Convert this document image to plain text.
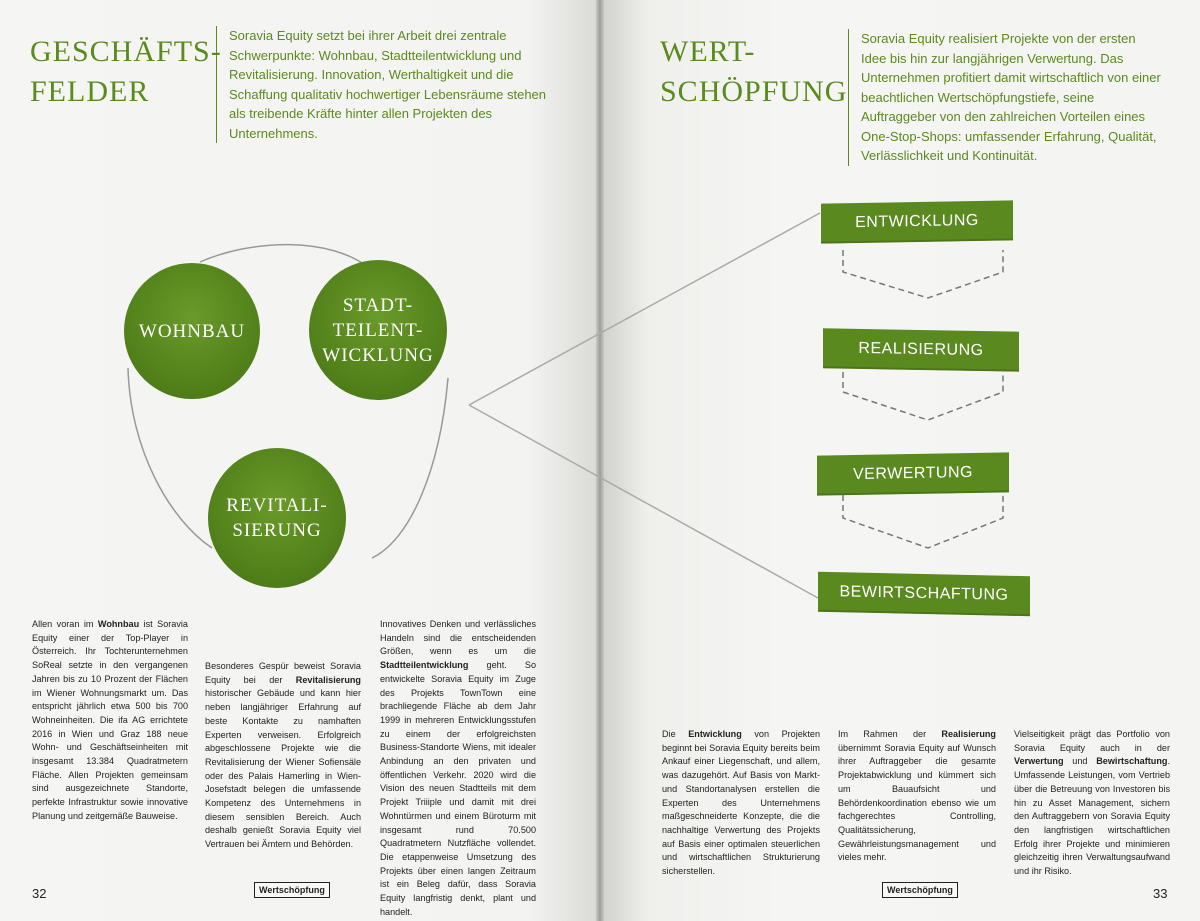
GESCHÄFTS-
FELDER
Soravia Equity setzt bei ihrer Arbeit drei zentrale Schwerpunkte: Wohnbau, Stadtteilentwicklung und Revitalisierung. Innovation, Werthaltigkeit und die Schaffung qualitativ hochwertiger Lebensräume stehen als treibende Kräfte hinter allen Projekten des Unternehmens.
WOHNBAU
STADT-
TEILENT-
WICKLUNG
REVITALI-
SIERUNG
Allen voran im Wohnbau ist Soravia Equity einer der Top-Player in Österreich. Ihr Tochterunternehmen SoReal setzte in den vergangenen Jahren bis zu 10 Prozent der Flächen im Wiener Wohnungsmarkt um. Das entspricht jährlich etwa 500 bis 700 Wohneinheiten. Die ifa AG errichtete 2016 in Wien und Graz 188 neue Wohn- und Geschäftseinheiten mit insgesamt 13.384 Quadratmetern Fläche. Allen Projekten gemeinsam sind ausgezeichnete Standorte, perfekte Infrastruktur sowie innovative Planung und zeitgemäße Bauweise.
Besonderes Gespür beweist Soravia Equity bei der Revitalisierung historischer Gebäude und kann hier neben langjähriger Erfahrung auf beste Kontakte zu namhaften Experten verweisen. Erfolgreich abgeschlossene Projekte wie die Revitalisierung der Wiener Sofiensäle oder des Palais Hamerling in Wien-Josefstadt belegen die umfassende Kompetenz des Unternehmens in diesem sensiblen Bereich. Auch deshalb genießt Soravia Equity viel Vertrauen bei Ämtern und Behörden.
Innovatives Denken und verlässliches Handeln sind die entscheidenden Größen, wenn es um die Stadtteilentwicklung geht. So entwickelte Soravia Equity im Zuge des Projekts TownTown eine brachliegende Fläche ab dem Jahr 1999 in mehreren Entwicklungsstufen zu einem der erfolgreichsten Business-Standorte Wiens, mit idealer Anbindung an den privaten und öffentlichen Verkehr. 2020 wird die Vision des neuen Stadtteils mit dem Projekt Triiiple und damit mit drei Wohntürmen und einem Büroturm mit insgesamt rund 70.500 Quadratmetern Nutzfläche vollendet. Die etappenweise Umsetzung des Projekts über einen langen Zeitraum ist ein Beleg dafür, dass Soravia Equity langfristig denkt, plant und handelt.
32	Wertschöpfung
WERT-
SCHÖPFUNG
Soravia Equity realisiert Projekte von der ersten Idee bis hin zur langjährigen Verwertung. Das Unternehmen profitiert damit wirtschaftlich von einer beachtlichen Wertschöpfungstiefe, seine Auftraggeber von den zahlreichen Vorteilen eines One-Stop-Shops: umfassender Erfahrung, Qualität, Verlässlichkeit und Kontinuität.
ENTWICKLUNG
REALISIERUNG
VERWERTUNG
BEWIRTSCHAFTUNG
Die Entwicklung von Projekten beginnt bei Soravia Equity bereits beim Ankauf einer Liegenschaft, und allem, was dazugehört. Auf Basis von Markt- und Standortanalysen erstellen die Experten des Unternehmens maßgeschneiderte Konzepte, die die nachhaltige Verwertung des Projekts auf Basis einer optimalen steuerlichen und wirtschaftlichen Strukturierung sicherstellen.
Im Rahmen der Realisierung übernimmt Soravia Equity auf Wunsch ihrer Auftraggeber die gesamte Projektabwicklung und kümmert sich um Bauaufsicht und Behördenkoordination ebenso wie um fachgerechtes Controlling, Qualitätssicherung, Gewährleistungsmanagement und vieles mehr.
Vielseitigkeit prägt das Portfolio von Soravia Equity auch in der Verwertung und Bewirtschaftung. Umfassende Leistungen, vom Vertrieb über die Betreuung von Investoren bis hin zu Asset Management, sichern den Auftraggebern von Soravia Equity den langfristigen wirtschaftlichen Erfolg ihrer Projekte und minimieren gleichzeitig ihren Verwaltungsaufwand und ihr Risiko.
Wertschöpfung	33
